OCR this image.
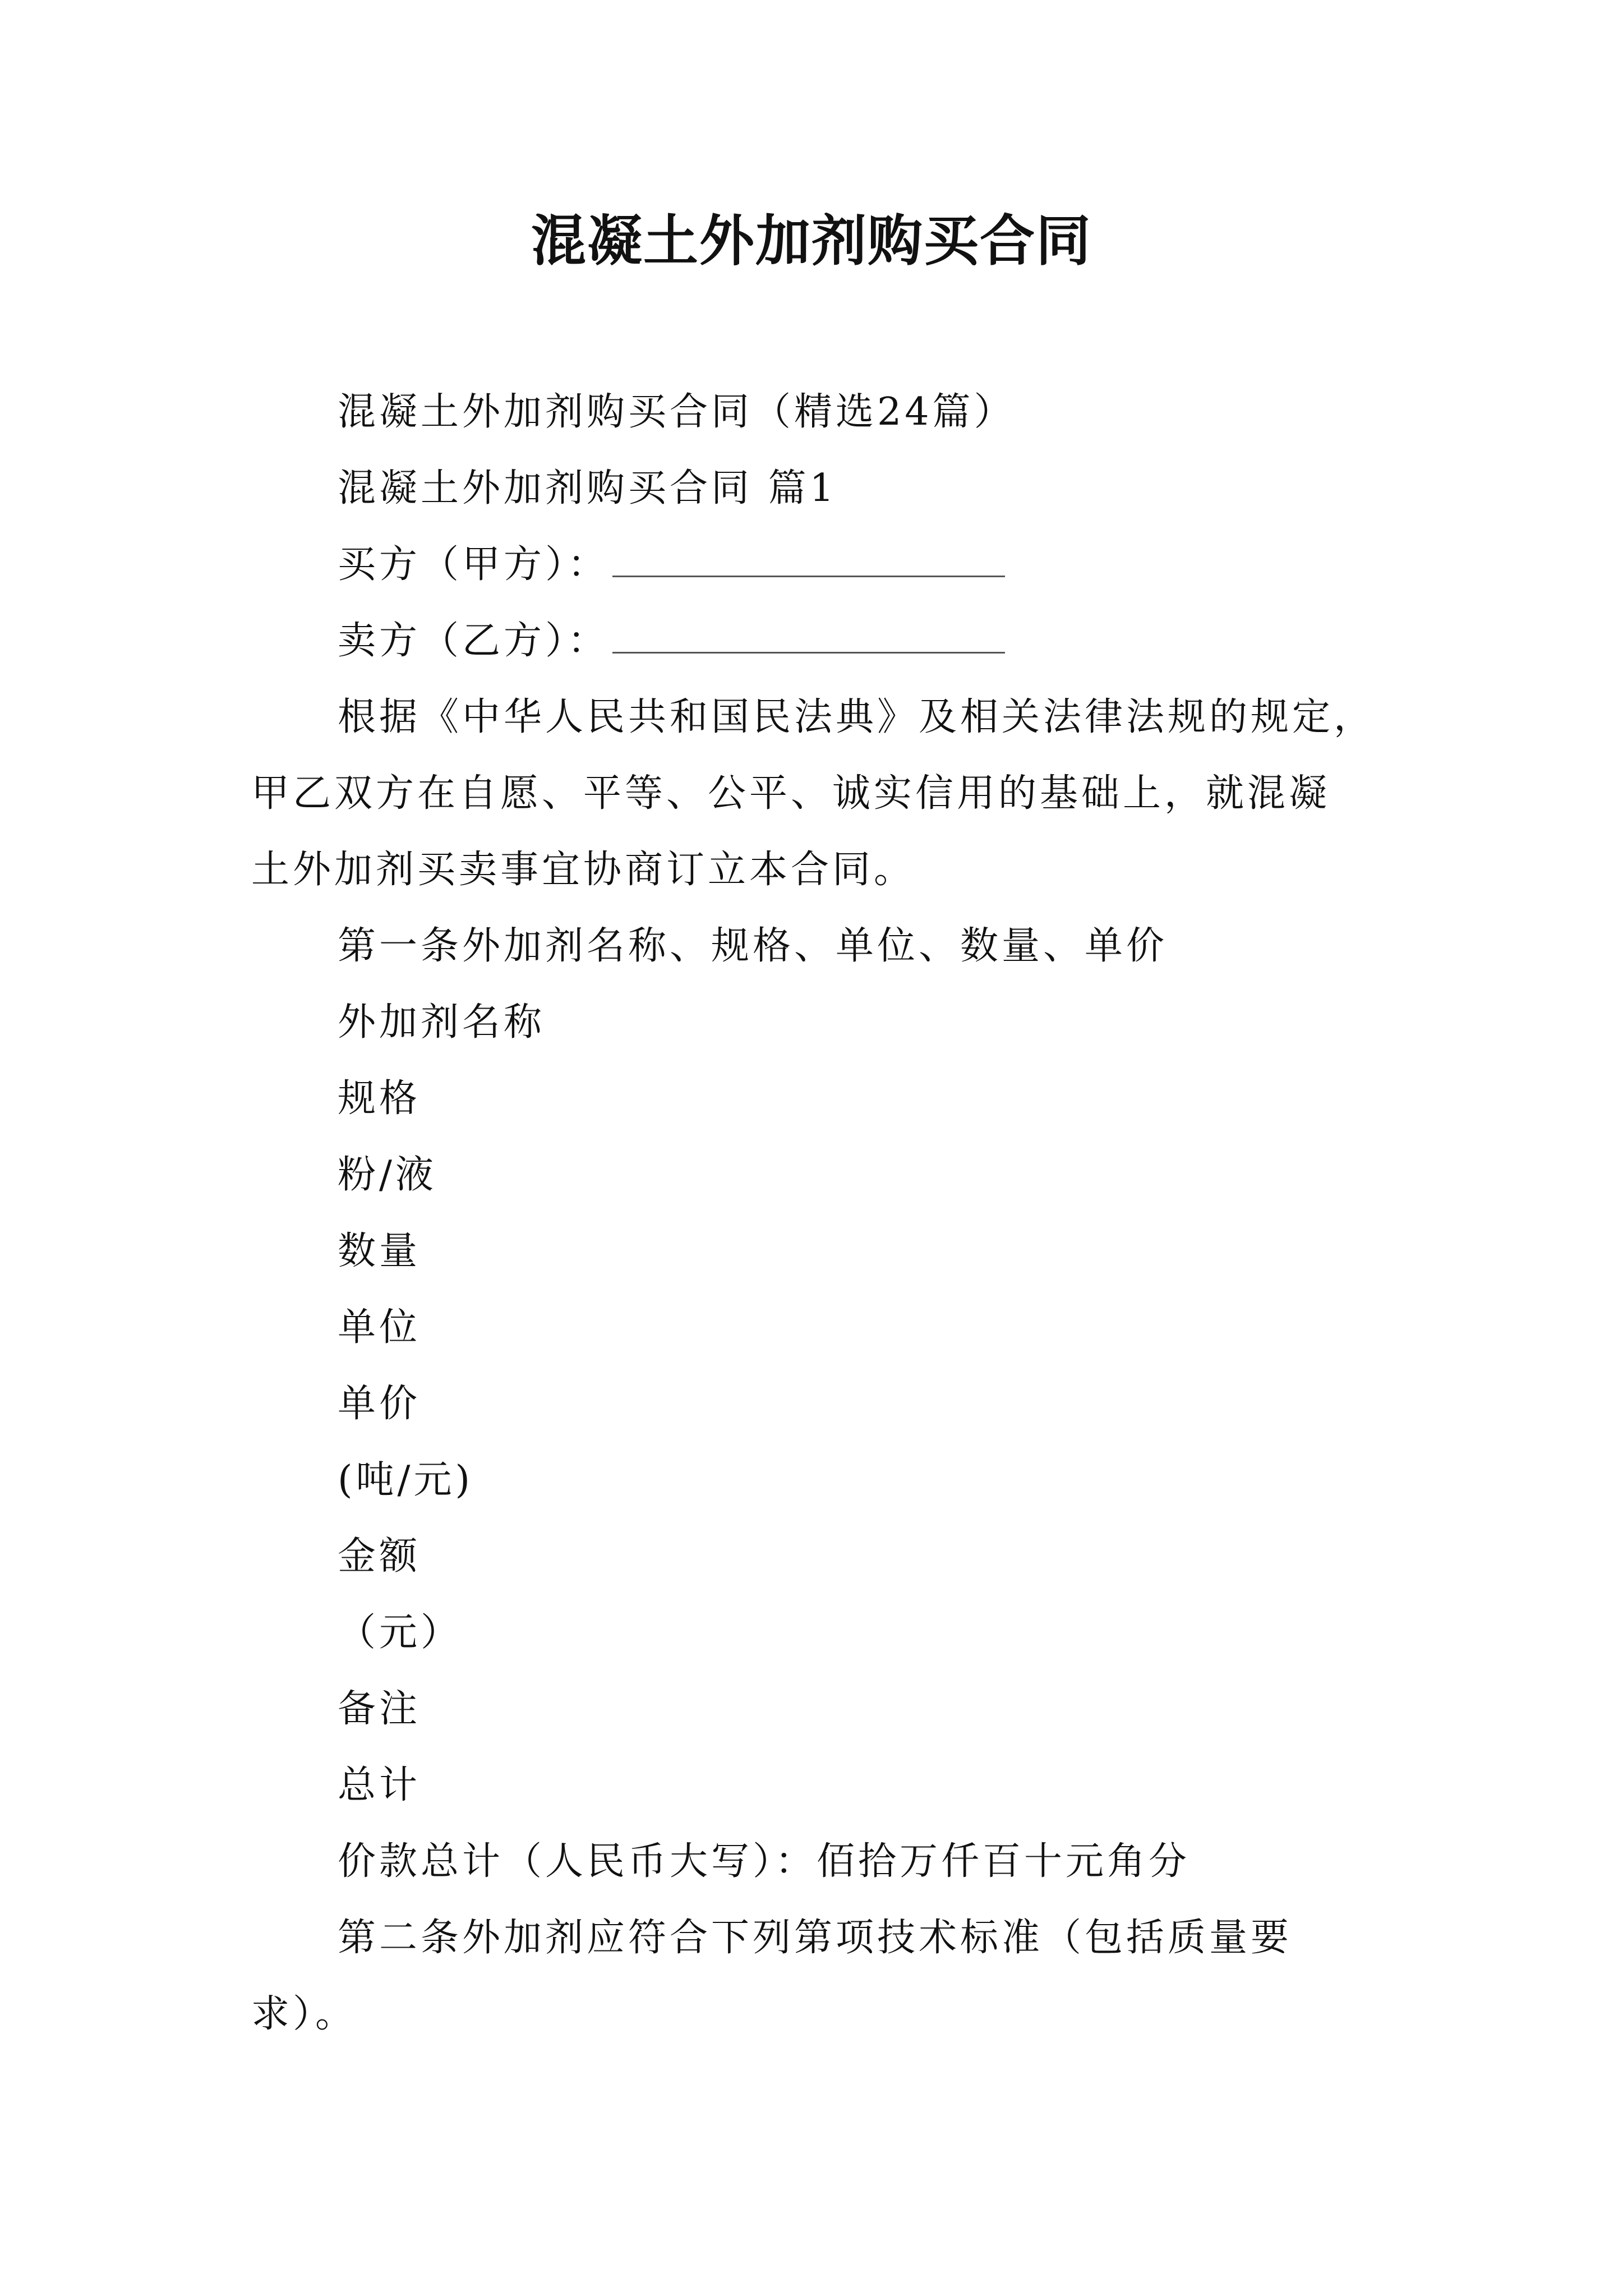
混凝土外加剂购买合同
混凝土外加剂购买合同（精选24篇）
混凝土外加剂购买合同 篇1
买方（甲方）：
卖方（乙方）：
根据《中华人民共和国民法典》及相关法律法规的规定，
甲乙双方在自愿、平等、公平、诚实信用的基础上，就混凝
土外加剂买卖事宜协商订立本合同。
第一条外加剂名称、规格、单位、数量、单价
外加剂名称
规格
粉/液
数量
单位
单价
(吨/元)
金额
（元）
备注
总计
价款总计（人民币大写）：佰拾万仟百十元角分
第二条外加剂应符合下列第项技术标准（包括质量要
求）。
